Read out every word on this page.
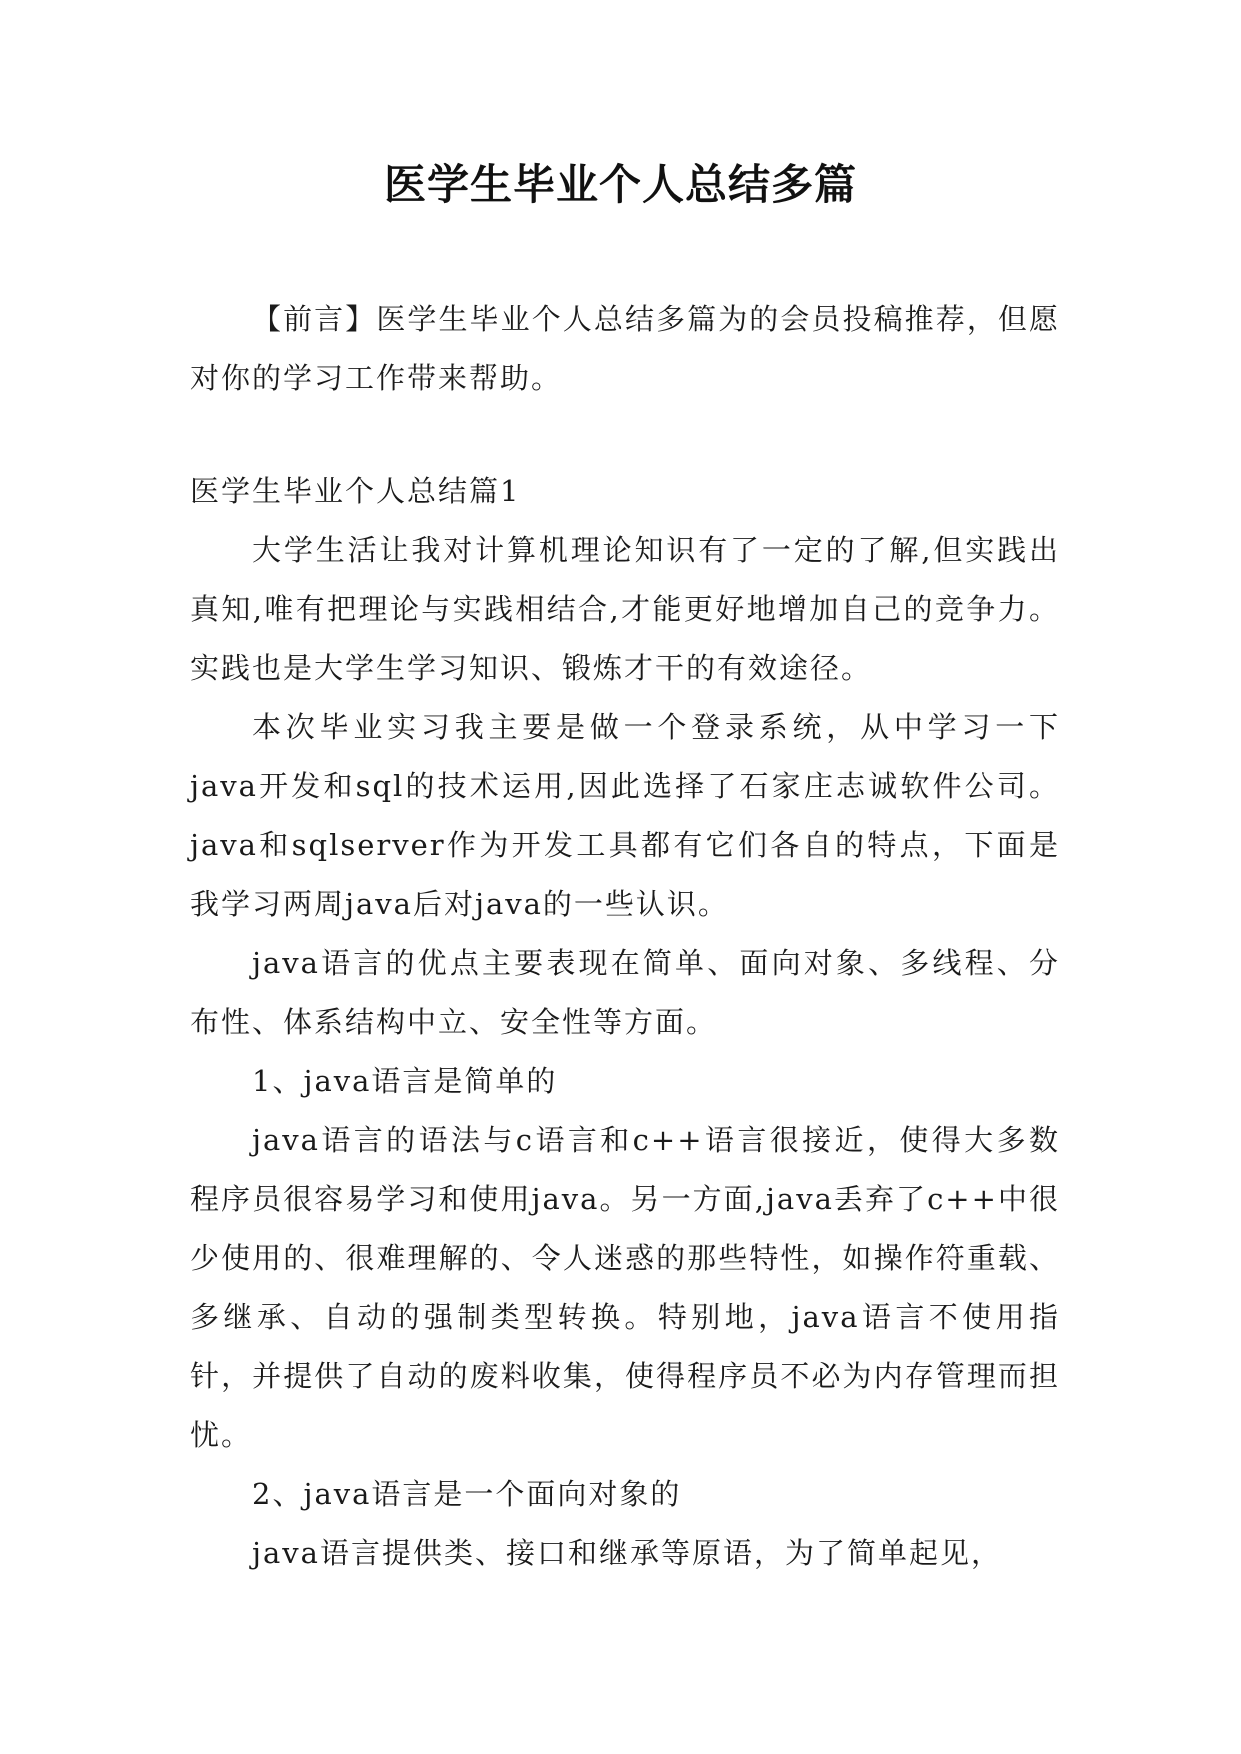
医学生毕业个人总结多篇

【前言】医学生毕业个人总结多篇为的会员投稿推荐，但愿对你的学习工作带来帮助。

医学生毕业个人总结篇1

大学生活让我对计算机理论知识有了一定的了解,但实践出真知,唯有把理论与实践相结合,才能更好地增加自己的竞争力。实践也是大学生学习知识、锻炼才干的有效途径。

本次毕业实习我主要是做一个登录系统，从中学习一下java开发和sql的技术运用,因此选择了石家庄志诚软件公司。java和sqlserver作为开发工具都有它们各自的特点，下面是我学习两周java后对java的一些认识。

java语言的优点主要表现在简单、面向对象、多线程、分布性、体系结构中立、安全性等方面。

1、java语言是简单的

java语言的语法与c语言和c++语言很接近，使得大多数程序员很容易学习和使用java。另一方面,java丢弃了c++中很少使用的、很难理解的、令人迷惑的那些特性，如操作符重载、多继承、自动的强制类型转换。特别地，java语言不使用指针，并提供了自动的废料收集，使得程序员不必为内存管理而担忧。

2、java语言是一个面向对象的

java语言提供类、接口和继承等原语，为了简单起见，
